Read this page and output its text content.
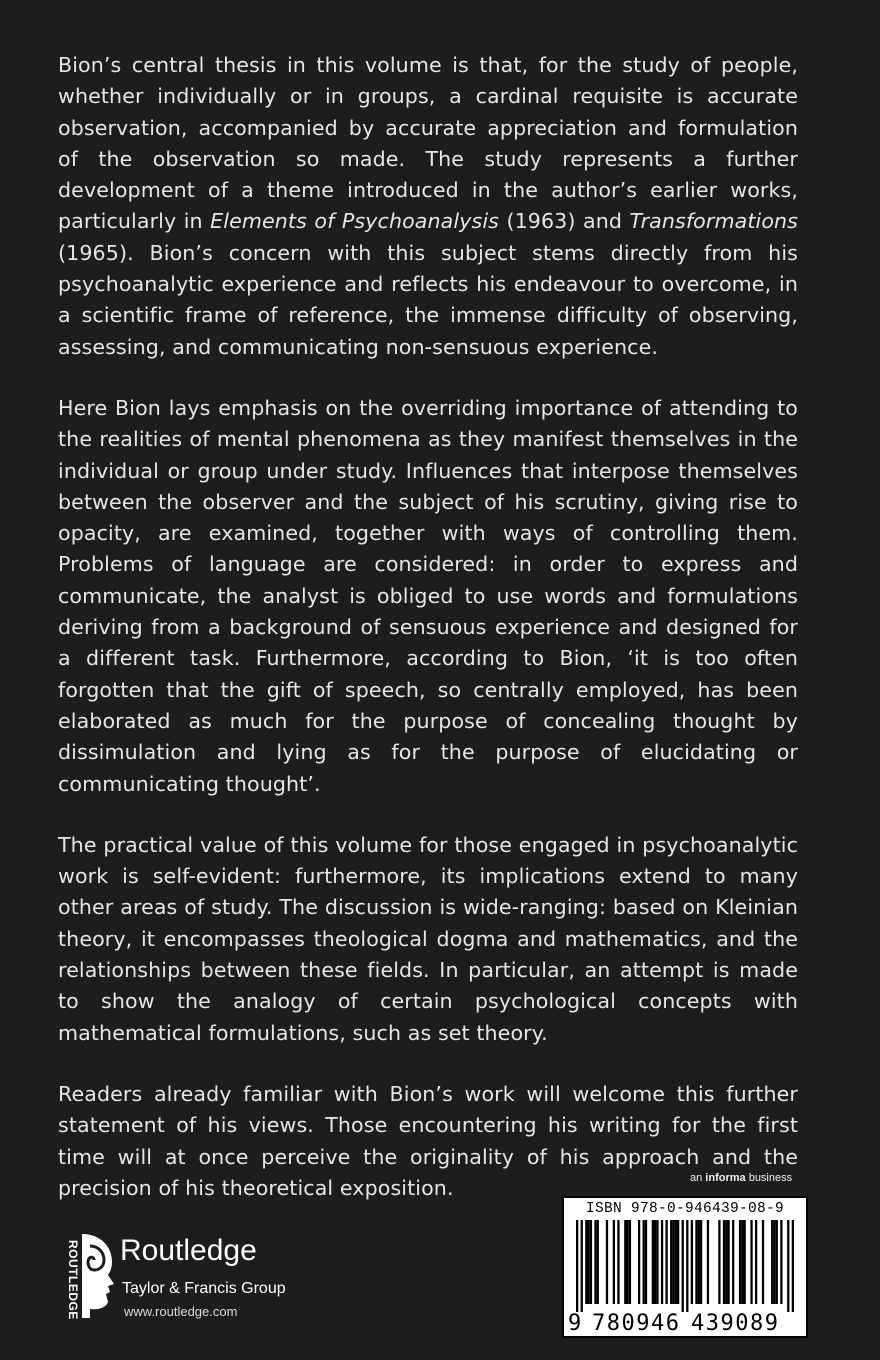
Bion’s central thesis in this volume is that, for the study of people, whether individually or in groups, a cardinal requisite is accurate observation, accompanied by accurate appreciation and formulation of the observation so made. The study represents a further development of a theme introduced in the author’s earlier works, particularly in Elements of Psychoanalysis (1963) and Transformations (1965). Bion’s concern with this subject stems directly from his psychoanalytic experience and reflects his endeavour to overcome, in a scientific frame of reference, the immense difficulty of observing, assessing, and communicating non-sensuous experience.

Here Bion lays emphasis on the overriding importance of attending to the realities of mental phenomena as they manifest themselves in the individual or group under study. Influences that interpose themselves between the observer and the subject of his scrutiny, giving rise to opacity, are examined, together with ways of controlling them. Problems of language are considered: in order to express and communicate, the analyst is obliged to use words and formulations deriving from a background of sensuous experience and designed for a different task. Furthermore, according to Bion, ‘it is too often forgotten that the gift of speech, so centrally employed, has been elaborated as much for the purpose of concealing thought by dissimulation and lying as for the purpose of elucidating or communicating thought’.

The practical value of this volume for those engaged in psychoanalytic work is self-evident: furthermore, its implications extend to many other areas of study. The discussion is wide-ranging: based on Kleinian theory, it encompasses theological dogma and mathematics, and the relationships between these fields. In particular, an attempt is made to show the analogy of certain psychological concepts with mathematical formulations, such as set theory.

Readers already familiar with Bion’s work will welcome this further statement of his views. Those encountering his writing for the first time will at once perceive the originality of his approach and the precision of his theoretical exposition.	an informa business
ROUTLEDGE Routledge
Taylor & Francis Group
www.routledge.com
ISBN 978-0-946439-08-9
9 780946 439089
